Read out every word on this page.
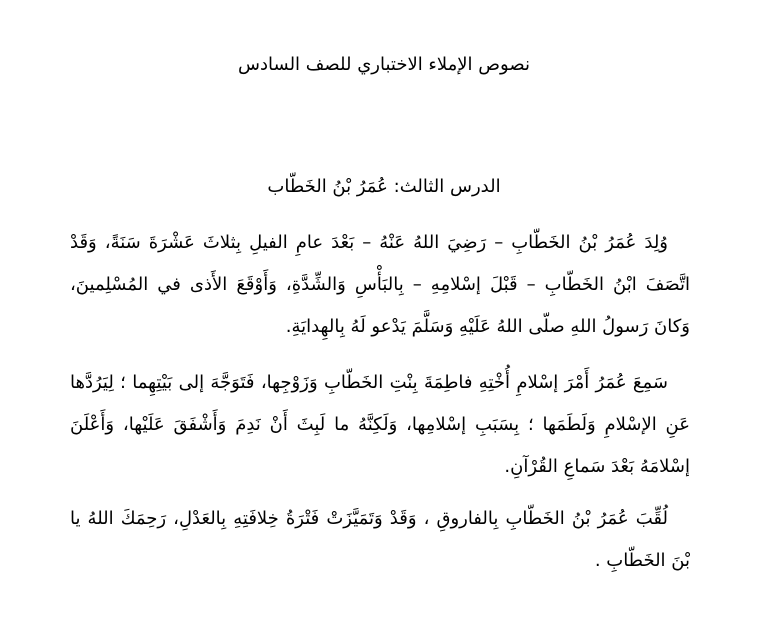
نصوص الإملاء الاختباري للصف السادس
الدرس الثالث: عُمَرُ بْنُ الخَطّاب

وُلِدَ عُمَرُ بْنُ الخَطّابِ – رَضِيَ اللهُ عَنْهُ – بَعْدَ عامِ الفيلِ بِثلاثَ عَشْرَةَ سَنَةً، وَقَدْ اتَّصَفَ ابْنُ الخَطّابِ – قَبْلَ إسْلامِهِ – بِالبَأْسِ وَالشِّدَّةِ، وَأَوْقَعَ الأَذى في المُسْلِمينَ، وَكانَ رَسولُ اللهِ صلّى اللهُ عَلَيْهِ وَسَلَّمَ يَدْعو لَهُ بِالهِدايَةِ.

سَمِعَ عُمَرُ أَمْرَ إسْلامِ أُخْتِهِ فاطِمَةَ بِنْتِ الخَطّابِ وَزَوْجِها، فَتَوَجَّهَ إلى بَيْتِهِما ؛ لِيَرُدَّها عَنِ الإسْلامِ وَلَطَمَها ؛ بِسَبَبِ إسْلامِها، وَلَكِنَّهُ ما لَبِثَ أَنْ نَدِمَ وَأَشْفَقَ عَلَيْها، وَأَعْلَنَ إسْلامَهُ بَعْدَ سَماعِ القُرْآنِ.

لُقِّبَ عُمَرُ بْنُ الخَطّابِ بِالفاروقِ ، وَقَدْ وَتَمَيَّزَتْ فَتْرَةُ خِلافَتِهِ بِالعَدْلِ، رَحِمَكَ اللهُ يا بْنَ الخَطّابِ .
